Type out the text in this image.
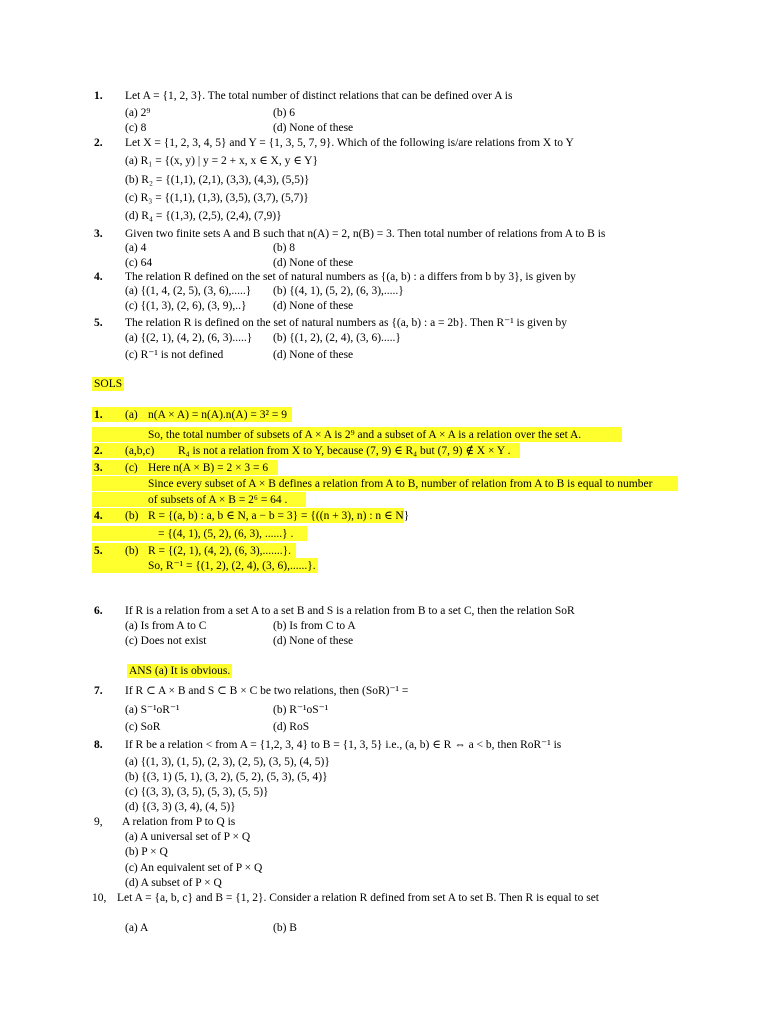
1. Let A = {1, 2, 3}. The total number of distinct relations that can be defined over A is
(a) 2⁹	(b) 6
(c) 8	(d) None of these
2. Let X = {1, 2, 3, 4, 5} and Y = {1, 3, 5, 7, 9}. Which of the following is/are relations from X to Y
(a) R₁ = {(x, y) | y = 2 + x, x ∈ X, y ∈ Y}
(b) R₂ = {(1,1), (2,1), (3,3), (4,3), (5,5)}
(c) R₃ = {(1,1), (1,3), (3,5), (3,7), (5,7)}
(d) R₄ = {(1,3), (2,5), (2,4), (7,9)}
3. Given two finite sets A and B such that n(A) = 2, n(B) = 3. Then total number of relations from A to B is
(a) 4	(b) 8
(c) 64	(d) None of these
4. The relation R defined on the set of natural numbers as {(a, b) : a differs from b by 3}, is given by
(a) {(1, 4, (2, 5), (3, 6),.....} (b) {(4, 1), (5, 2), (6, 3),.....}
(c) {(1, 3), (2, 6), (3, 9),..} (d) None of these
5. The relation R is defined on the set of natural numbers as {(a, b) : a = 2b}. Then R⁻¹ is given by
(a) {(2, 1), (4, 2), (6, 3).....} (b) {(1, 2), (2, 4), (3, 6).....}
(c) R⁻¹ is not defined	(d) None of these
SOLS
1. (a) n(A × A) = n(A).n(A) = 3² = 9
So, the total number of subsets of A × A is 2⁹ and a subset of A × A is a relation over the set A.
2. (a,b,c) R₄ is not a relation from X to Y, because (7, 9) ∈ R₄ but (7, 9) ∉ X × Y .
3. (c) Here n(A × B) = 2 × 3 = 6
Since every subset of A × B defines a relation from A to B, number of relation from A to B is equal to number
of subsets of A × B = 2⁶ = 64 .
4. (b) R = {(a, b) : a, b ∈ N, a − b = 3} = {((n + 3), n) : n ∈ N}
= {(4, 1), (5, 2), (6, 3), ......} .
5. (b) R = {(2, 1), (4, 2), (6, 3),.......}.
So, R⁻¹ = {(1, 2), (2, 4), (3, 6),......}.
6. If R is a relation from a set A to a set B and S is a relation from B to a set C, then the relation SoR
(a) Is from A to C	(b) Is from C to A
(c) Does not exist	(d) None of these
ANS (a) It is obvious.
7. If R ⊂ A × B and S ⊂ B × C be two relations, then (SoR)⁻¹ =
(a) S⁻¹oR⁻¹	(b) R⁻¹oS⁻¹
(c) SoR	(d) RoS
8. If R be a relation < from A = {1,2, 3, 4} to B = {1, 3, 5} i.e., (a, b) ∈ R ⇔ a < b, then RoR⁻¹ is
(a) {(1, 3), (1, 5), (2, 3), (2, 5), (3, 5), (4, 5)}
(b) {(3, 1) (5, 1), (3, 2), (5, 2), (5, 3), (5, 4)}
(c) {(3, 3), (3, 5), (5, 3), (5, 5)}
(d) {(3, 3) (3, 4), (4, 5)}
9, A relation from P to Q is
(a) A universal set of P × Q
(b) P × Q
(c) An equivalent set of P × Q
(d) A subset of P × Q
10, Let A = {a, b, c} and B = {1, 2}. Consider a relation R defined from set A to set B. Then R is equal to set
(a) A	(b) B
